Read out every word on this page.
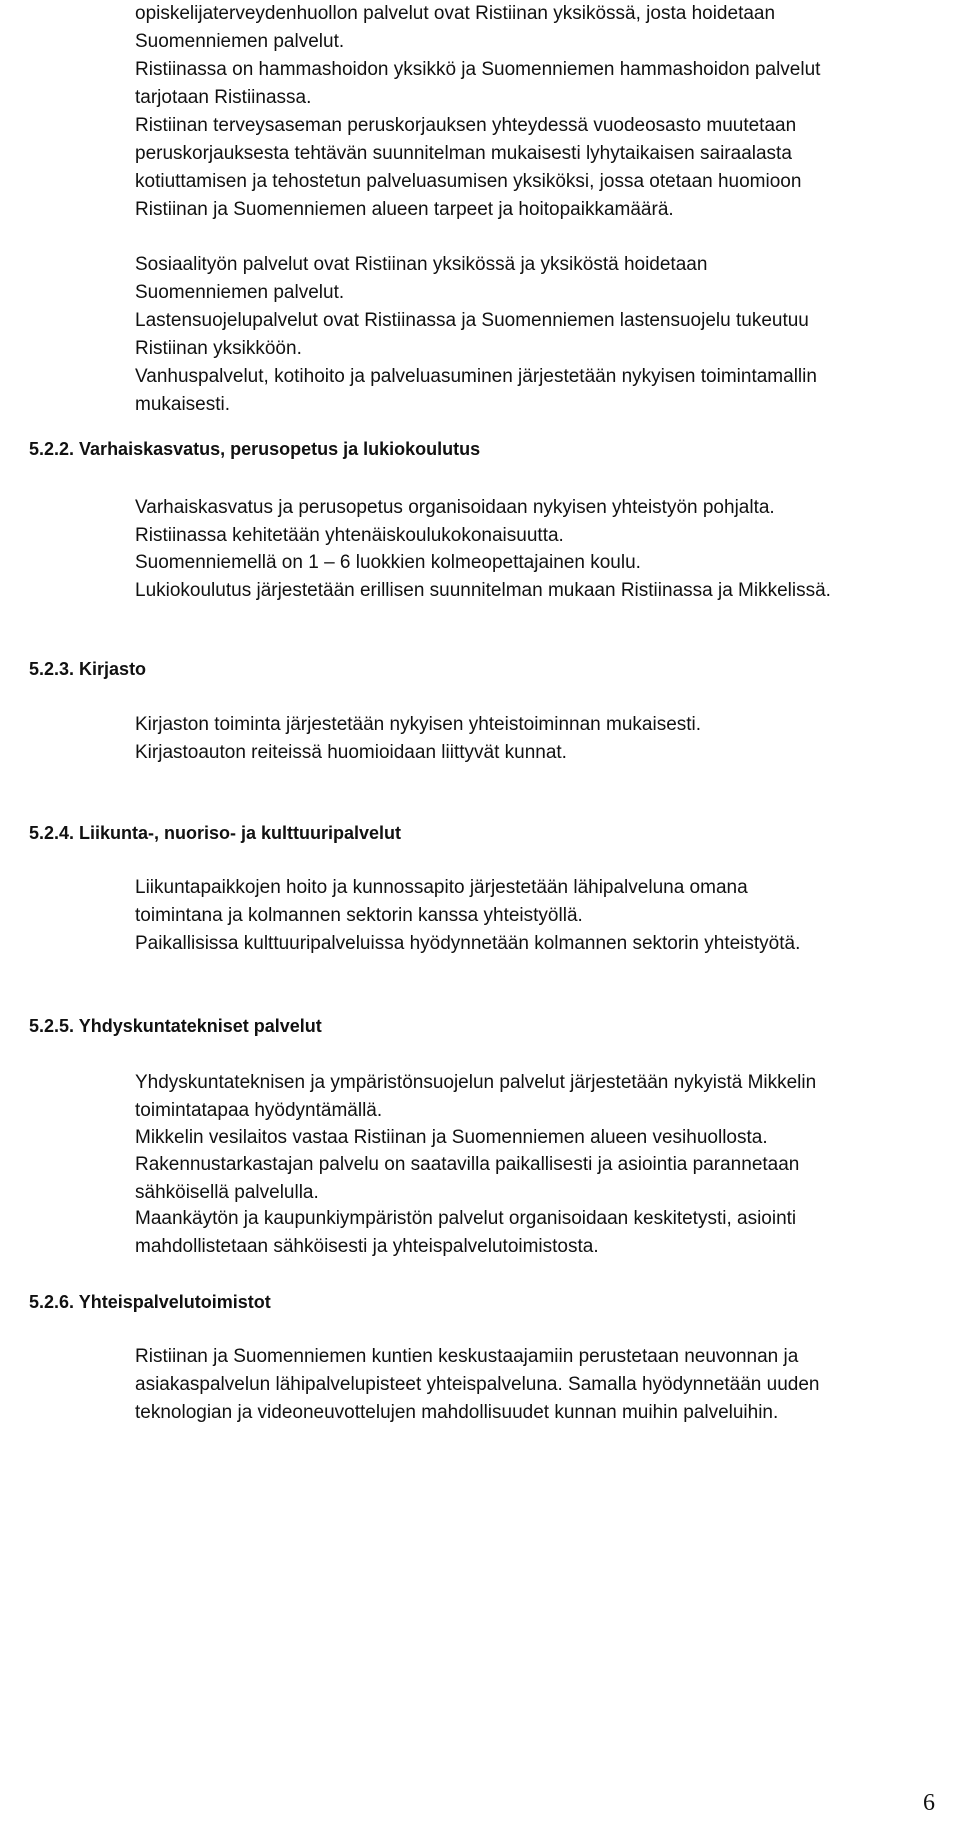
opiskelijaterveydenhuollon palvelut ovat Ristiinan yksikössä, josta hoidetaan Suomenniemen palvelut.

Ristiinassa on hammashoidon yksikkö ja Suomenniemen hammashoidon palvelut tarjotaan Ristiinassa.

Ristiinan terveysaseman peruskorjauksen yhteydessä vuodeosasto muutetaan peruskorjauksesta tehtävän suunnitelman mukaisesti lyhytaikaisen sairaalasta kotiuttamisen ja tehostetun palveluasumisen yksiköksi, jossa otetaan huomioon Ristiinan ja Suomenniemen alueen tarpeet ja hoitopaikkamäärä.

Sosiaalityön palvelut ovat Ristiinan yksikössä ja yksiköstä hoidetaan Suomenniemen palvelut.

Lastensuojelupalvelut ovat Ristiinassa ja Suomenniemen lastensuojelu tukeutuu Ristiinan yksikköön.

Vanhuspalvelut, kotihoito ja palveluasuminen järjestetään nykyisen toimintamallin mukaisesti.

5.2.2. Varhaiskasvatus, perusopetus ja lukiokoulutus

Varhaiskasvatus ja perusopetus organisoidaan nykyisen yhteistyön pohjalta. Ristiinassa kehitetään yhtenäiskoulukokonaisuutta.

Suomenniemellä on 1 – 6 luokkien kolmeopettajainen koulu.

Lukiokoulutus järjestetään erillisen suunnitelman mukaan Ristiinassa ja Mikkelissä.

5.2.3. Kirjasto

Kirjaston toiminta järjestetään nykyisen yhteistoiminnan mukaisesti.

Kirjastoauton reiteissä huomioidaan liittyvät kunnat.

5.2.4. Liikunta-, nuoriso- ja kulttuuripalvelut

Liikuntapaikkojen hoito ja kunnossapito järjestetään lähipalveluna omana toimintana ja kolmannen sektorin kanssa yhteistyöllä.

Paikallisissa kulttuuripalveluissa hyödynnetään kolmannen sektorin yhteistyötä.

5.2.5. Yhdyskuntatekniset palvelut

Yhdyskuntateknisen ja ympäristönsuojelun palvelut järjestetään nykyistä Mikkelin toimintatapaa hyödyntämällä.

Mikkelin vesilaitos vastaa Ristiinan ja Suomenniemen alueen vesihuollosta.

Rakennustarkastajan palvelu on saatavilla paikallisesti ja asiointia parannetaan sähköisellä palvelulla.

Maankäytön ja kaupunkiympäristön palvelut organisoidaan keskitetysti, asiointi mahdollistetaan sähköisesti ja yhteispalvelutoimistosta.

5.2.6. Yhteispalvelutoimistot

Ristiinan ja Suomenniemen kuntien keskustaajamiin perustetaan neuvonnan ja asiakaspalvelun lähipalvelupisteet yhteispalveluna. Samalla hyödynnetään uuden teknologian ja videoneuvottelujen mahdollisuudet kunnan muihin palveluihin.

6
